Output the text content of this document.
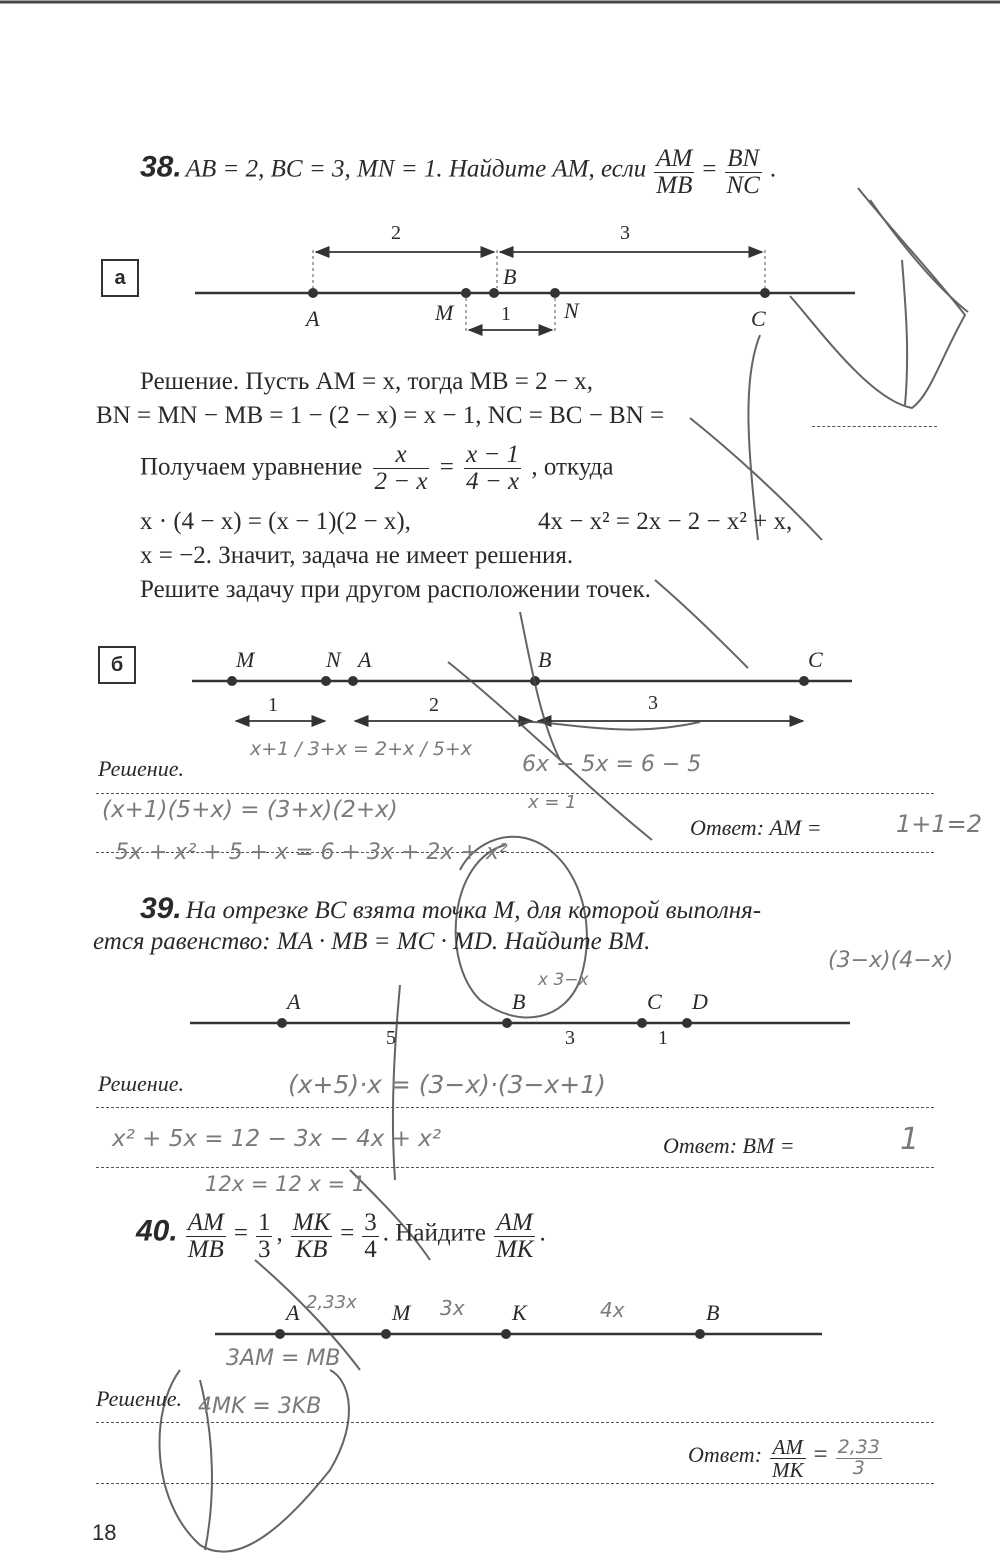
38. AB = 2, BC = 3, MN = 1. Найдите AM, если $\frac{AM}{MB} = \frac{BN}{NC}$ .
а
2	3
1
A	M
B
N	C
Решение. Пусть AM = x, тогда MB = 2 − x,
BN = MN − MB = 1 − (2 − x) = x − 1, NC = BC − BN =
Получаем уравнение $\frac{x}{2 - x} = \frac{x - 1}{4 - x}$ , откуда
x · (4 − x) = (x − 1)(2 − x),	4x − x² = 2x − 2 − x² + x,
x = −2. Значит, задача не имеет решения.
Решите задачу при другом расположении точек.
б	M	N A	B	C
1	2	3
Решение.
x+1 / 3+x = 2+x / 5+x
6x − 5x = 6 − 5
(x+1)(5+x) = (3+x)(2+x)	x = 1
Ответ: AM =	1+1=2
5x + x² + 5 + x = 6 + 3x + 2x + x²
39. На отрезке BC взята точка M, для которой выполня-
ется равенство: MA · MB = MC · MD. Найдите BM.
(3−x)(4−x)
A	B	C D
x 3−x
5	3	1
Решение.	(x+5)·x = (3−x)·(3−x+1)
x² + 5x = 12 − 3x − 4x + x²	Ответ: BM =	1
12x = 12 x = 1
40. $\frac{AM}{MB} = \frac{1}{3}$ , $\frac{MK}{KB} = \frac{3}{4}$ . Найдите $\frac{AM}{MK}$ .
A 2,33x M 3x K	4x	B
3AM = MB
Решение. 4MK = 3KB
Ответ: $\frac{AM}{MK} = \frac{2,33}{3}$
18
